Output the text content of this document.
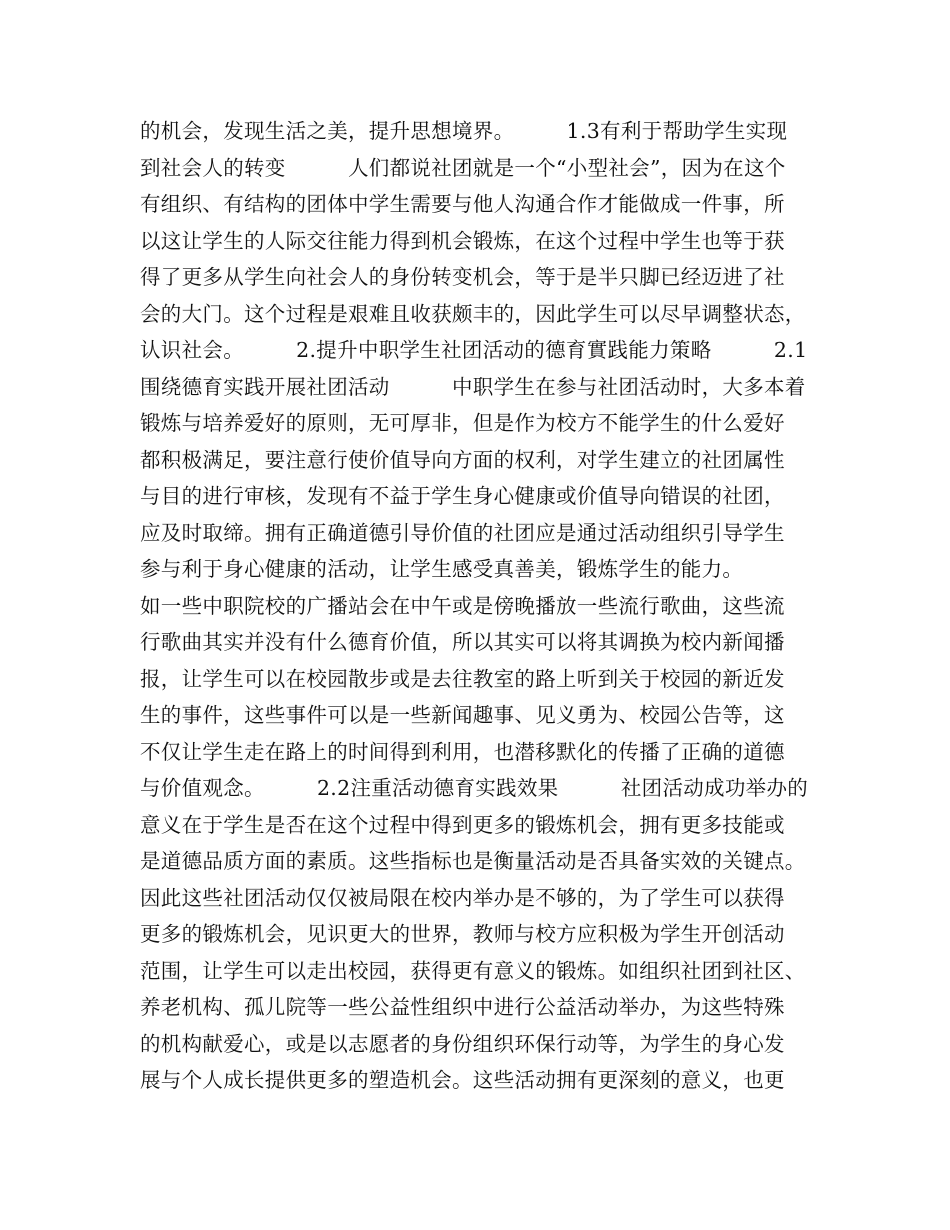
的机会，发现生活之美，提升思想境界。　　　1.3有利于帮助学生实现
到社会人的转变　　　人们都说社团就是一个“小型社会”，因为在这个
有组织、有结构的团体中学生需要与他人沟通合作才能做成一件事，所
以这让学生的人际交往能力得到机会锻炼，在这个过程中学生也等于获
得了更多从学生向社会人的身份转变机会，等于是半只脚已经迈进了社
会的大门。这个过程是艰难且收获颇丰的，因此学生可以尽早调整状态，
认识社会。　　　2.提升中职学生社团活动的德育實践能力策略　　　2.1
围绕德育实践开展社团活动　　　中职学生在参与社团活动时，大多本着
锻炼与培养爱好的原则，无可厚非，但是作为校方不能学生的什么爱好
都积极满足，要注意行使价值导向方面的权利，对学生建立的社团属性
与目的进行审核，发现有不益于学生身心健康或价值导向错误的社团，
应及时取缔。拥有正确道德引导价值的社团应是通过活动组织引导学生
参与利于身心健康的活动，让学生感受真善美，锻炼学生的能力。
如一些中职院校的广播站会在中午或是傍晚播放一些流行歌曲，这些流
行歌曲其实并没有什么德育价值，所以其实可以将其调换为校内新闻播
报，让学生可以在校园散步或是去往教室的路上听到关于校园的新近发
生的事件，这些事件可以是一些新闻趣事、见义勇为、校园公告等，这
不仅让学生走在路上的时间得到利用，也潜移默化的传播了正确的道德
与价值观念。　　　2.2注重活动德育实践效果　　　社团活动成功举办的
意义在于学生是否在这个过程中得到更多的锻炼机会，拥有更多技能或
是道德品质方面的素质。这些指标也是衡量活动是否具备实效的关键点。
因此这些社团活动仅仅被局限在校内举办是不够的，为了学生可以获得
更多的锻炼机会，见识更大的世界，教师与校方应积极为学生开创活动
范围，让学生可以走出校园，获得更有意义的锻炼。如组织社团到社区、
养老机构、孤儿院等一些公益性组织中进行公益活动举办，为这些特殊
的机构献爱心，或是以志愿者的身份组织环保行动等，为学生的身心发
展与个人成长提供更多的塑造机会。这些活动拥有更深刻的意义，也更
